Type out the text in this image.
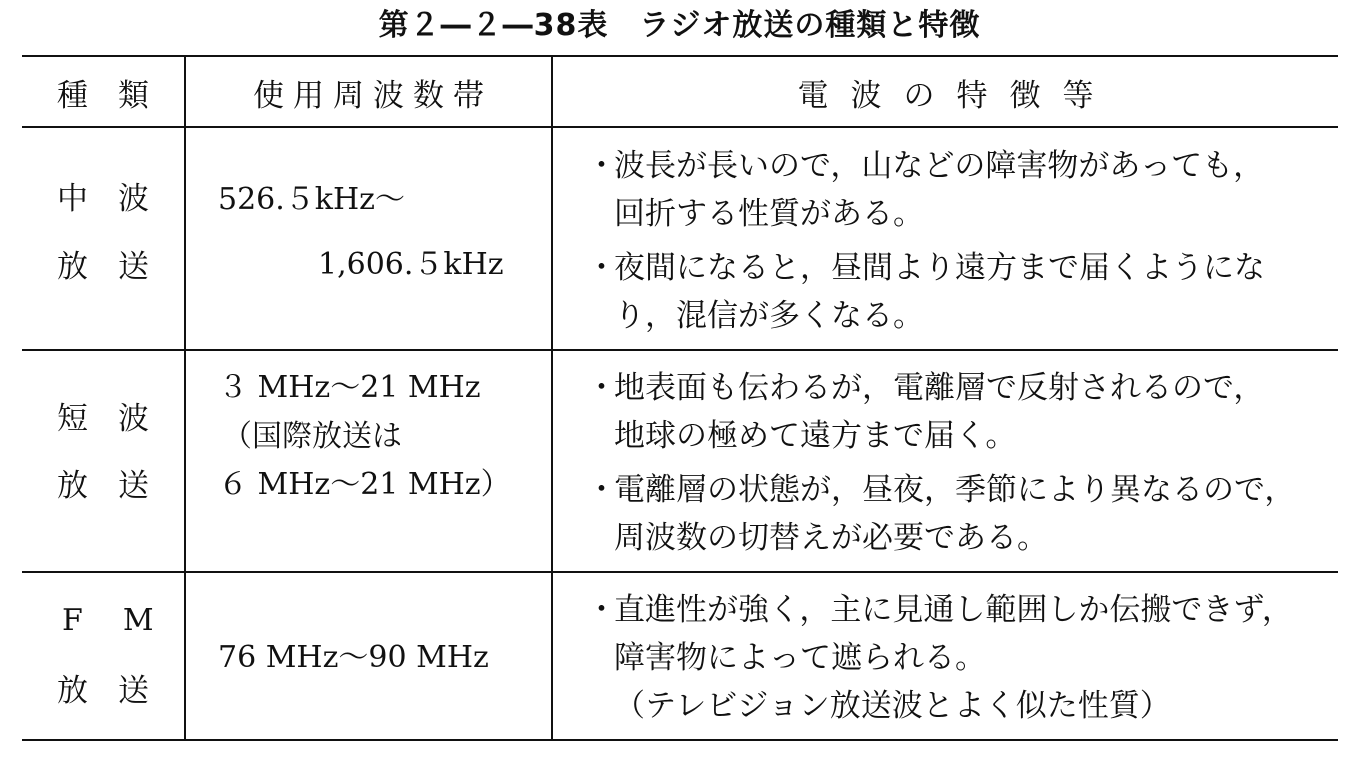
第２―２―38表　ラジオ放送の種類と特徴
種類	使用周波数帯	電波の特徴等
中波
放送
526.５kHz～
1,606.５kHz
・波長が長いので，山などの障害物があっても，
回折する性質がある。
・夜間になると，昼間より遠方まで届くようにな
り，混信が多くなる。
短波
放送
３ MHz～21 MHz
（国際放送は
６ MHz～21 MHz）
・地表面も伝わるが，電離層で反射されるので，
地球の極めて遠方まで届く。
・電離層の状態が，昼夜，季節により異なるので，
周波数の切替えが必要である。
FM
放送
76 MHz～90 MHz
・直進性が強く，主に見通し範囲しか伝搬できず，
障害物によって遮られる。
（テレビジョン放送波とよく似た性質）
